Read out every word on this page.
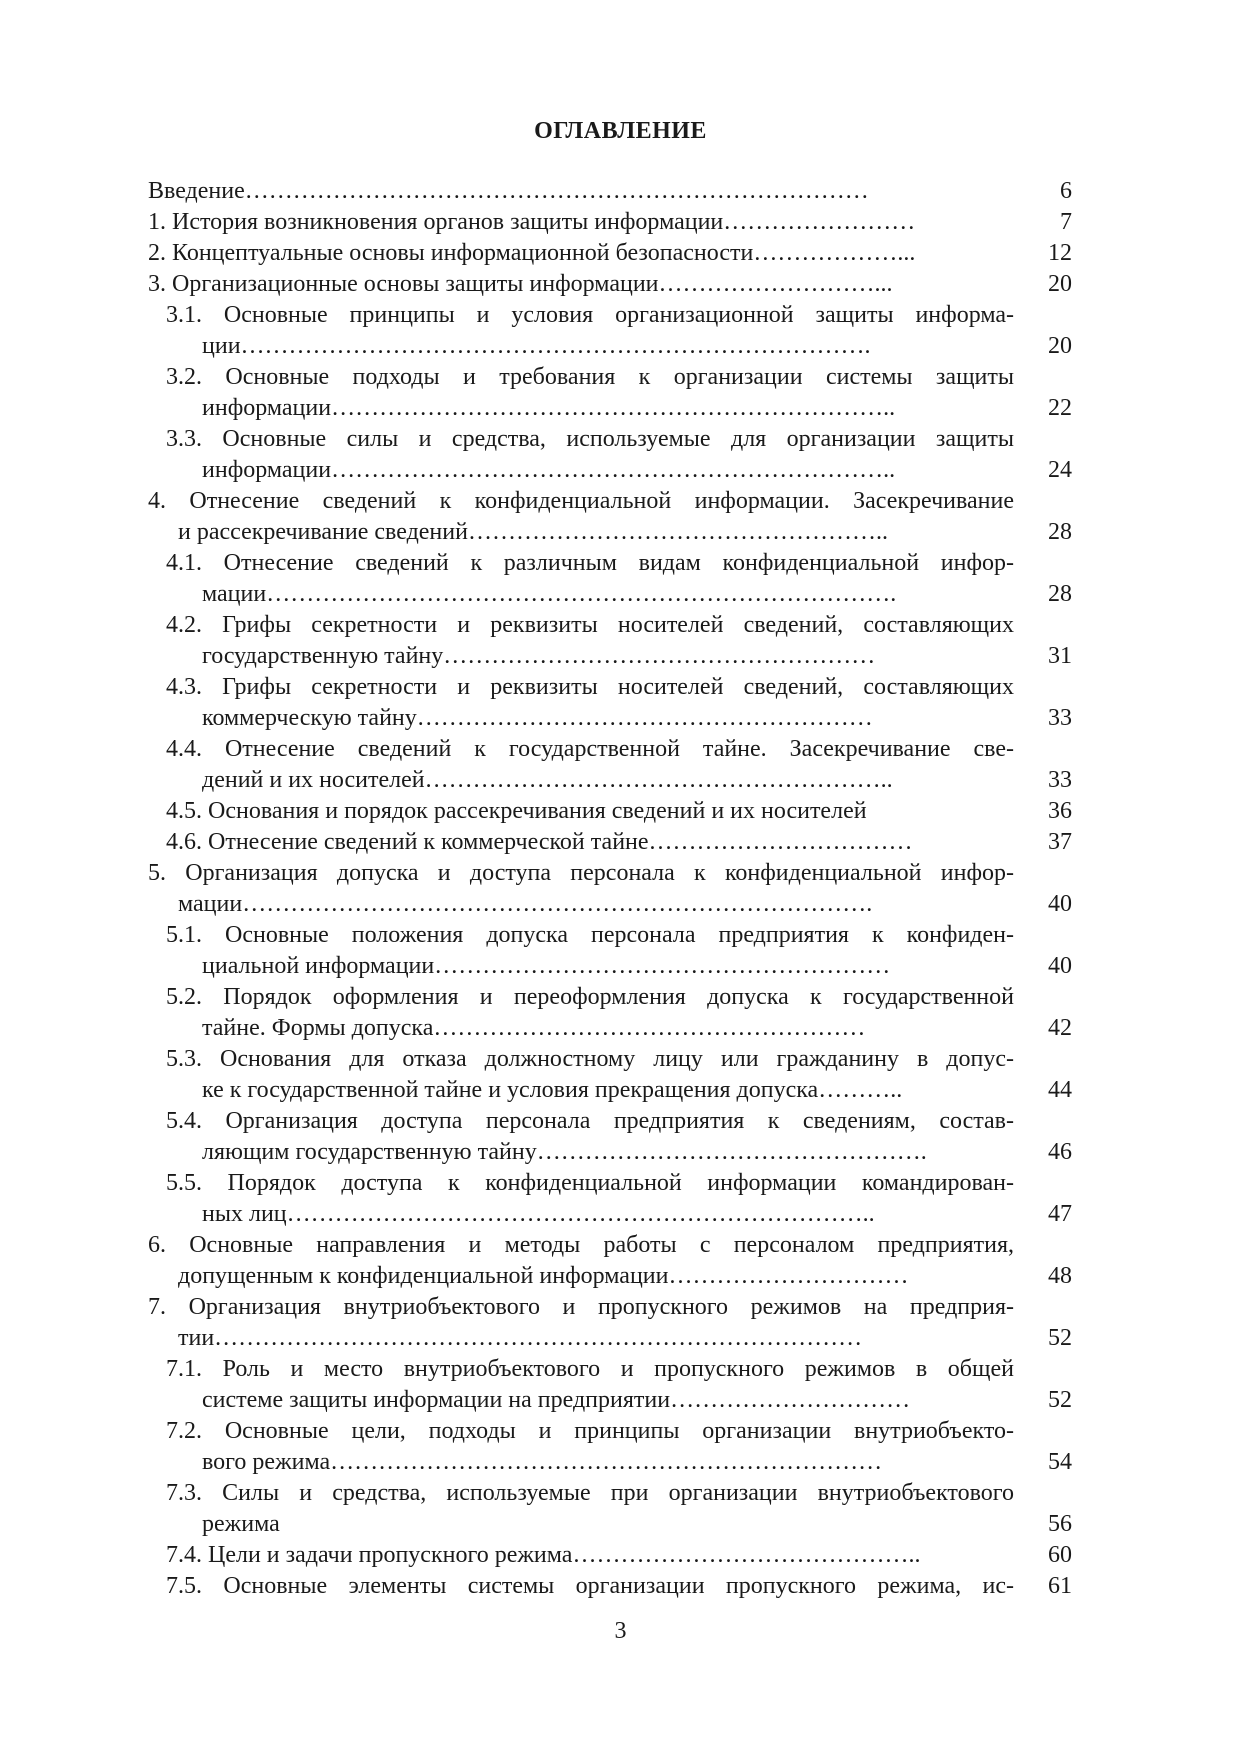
ОГЛАВЛЕНИЕ
Введение……………………………………………………………………	6
1. История возникновения органов защиты информации……………………	7
2. Концептуальные основы информационной безопасности………………...	12
3. Организационные основы защиты информации………………………...	20
3.1. Основные принципы и условия организационной защиты информа-
ции…………………………………………………………………….	20
3.2. Основные подходы и требования к организации системы защиты
информации……………………………………………………………..	22
3.3. Основные силы и средства, используемые для организации защиты
информации……………………………………………………………..	24
4. Отнесение сведений к конфиденциальной информации. Засекречивание
и рассекречивание сведений……………………………………………..	28
4.1. Отнесение сведений к различным видам конфиденциальной инфор-
мации…………………………………………………………………….	28
4.2. Грифы секретности и реквизиты носителей сведений, составляющих
государственную тайну………………………………………………	31
4.3. Грифы секретности и реквизиты носителей сведений, составляющих
коммерческую тайну…………………………………………………	33
4.4. Отнесение сведений к государственной тайне. Засекречивание све-
дений и их носителей…………………………………………………..	33
4.5. Основания и порядок рассекречивания сведений и их носителей	36
4.6. Отнесение сведений к коммерческой тайне……………………………	37
5. Организация допуска и доступа персонала к конфиденциальной инфор-
мации…………………………………………………………………….	40
5.1. Основные положения допуска персонала предприятия к конфиден-
циальной информации…………………………………………………	40
5.2. Порядок оформления и переоформления допуска к государственной
тайне. Формы допуска………………………………………………	42
5.3. Основания для отказа должностному лицу или гражданину в допус-
ке к государственной тайне и условия прекращения допуска………..	44
5.4. Организация доступа персонала предприятия к сведениям, состав-
ляющим государственную тайну………………………………………….	46
5.5. Порядок доступа к конфиденциальной информации командирован-
ных лиц………………………………………………………………..	47
6. Основные направления и методы работы с персоналом предприятия,
допущенным к конфиденциальной информации…………………………	48
7. Организация внутриобъектового и пропускного режимов на предприя-
тии………………………………………………………………………	52
7.1. Роль и место внутриобъектового и пропускного режимов в общей
системе защиты информации на предприятии…………………………	52
7.2. Основные цели, подходы и принципы организации внутриобъекто-
вого режима……………………………………………………………	54
7.3. Силы и средства, используемые при организации внутриобъектового
режима	56
7.4. Цели и задачи пропускного режима……………………………………..	60
7.5. Основные элементы системы организации пропускного режима, ис-	61
3
